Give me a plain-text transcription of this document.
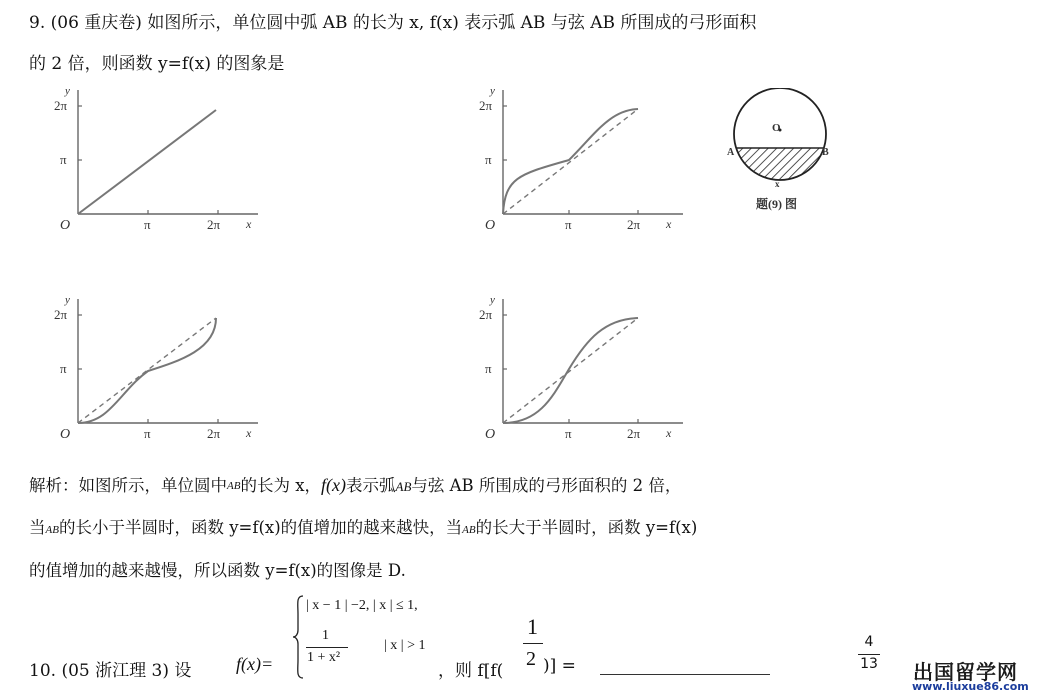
9. (06 重庆卷) 如图所示，单位圆中弧 AB 的长为 x, f(x) 表示弧 AB 与弦 AB 所围成的弓形面积
的 2 倍，则函数 y=f(x) 的图象是
y
x
O	π	2π
π
2π
y
x
O	π	2π
π
2π
O
A	B
x
题(9) 图
y
x
O	π	2π
π
2π
y
x
O	π	2π
π
2π
解析：如图所示，单位圆中AB的长为 x，f(x)表示弧AB与弦 AB 所围成的弓形面积的 2 倍，
当AB的长小于半圆时，函数 y=f(x)的值增加的越来越快，当AB的长大于半圆时，函数 y=f(x)
的值增加的越来越慢，所以函数 y=f(x)的图像是 D.
10. (05 浙江理 3) 设 f(x)=
| x − 1 | −2, | x | ≤ 1,
1
1 + x²
| x | > 1
，则 f[f(
1
2 )] =
4
13 出国留学网
www.liuxue86.com
